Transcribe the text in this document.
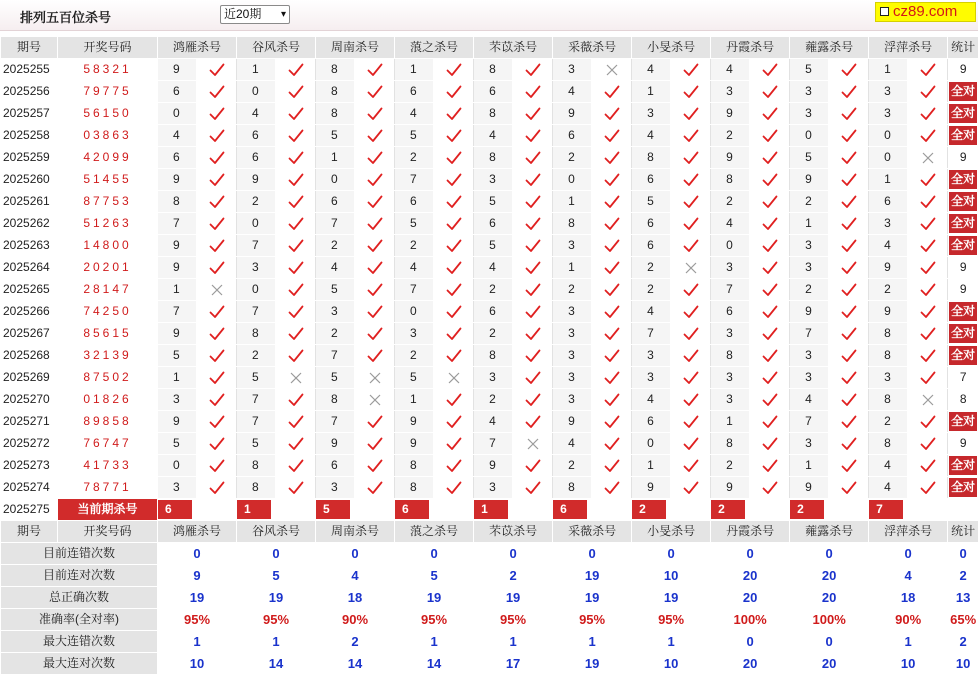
排列五百位杀号	近20期 ▾	cz89.com
期号	开奖号码	鸿雁杀号		谷风杀号		周南杀号		蒗之杀号		芣苡杀号		采薇杀号		小旻杀号		丹霞杀号		蕹露杀号		浮萍杀号		统计
2025255	58321	9		1		8		1		8		3		4		4		5		1		9
2025256	79775	6		0		8		6		6		4		1		3		3		3		全对
2025257	56150	0		4		8		4		8		9		3		9		3		3		全对
2025258	03863	4		6		5		5		4		6		4		2		0		0		全对
2025259	42099	6		6		1		2		8		2		8		9		5		0		9
2025260	51455	9		9		0		7		3		0		6		8		9		1		全对
2025261	87753	8		2		6		6		5		1		5		2		2		6		全对
2025262	51263	7		0		7		5		6		8		6		4		1		3		全对
2025263	14800	9		7		2		2		5		3		6		0		3		4		全对
2025264	20201	9		3		4		4		4		1		2		3		3		9		9
2025265	28147	1		0		5		7		2		2		2		7		2		2		9
2025266	74250	7		7		3		0		6		3		4		6		9		9		全对
2025267	85615	9		8		2		3		2		3		7		3		7		8		全对
2025268	32139	5		2		7		2		8		3		3		8		3		8		全对
2025269	87502	1		5		5		5		3		3		3		3		3		3		7
2025270	01826	3		7		8		1		2		3		4		3		4		8		8
2025271	89858	9		7		7		9		4		9		6		1		7		2		全对
2025272	76747	5		5		9		9		7		4		0		8		3		8		9
2025273	41733	0		8		6		8		9		2		1		2		1		4		全对
2025274	78771	3		8		3		8		3		8		9		9		9		4		全对
2025275	当前期杀号	6		1		5		6		1		6		2		2		2		7		
期号	开奖号码	鸿雁杀号		谷风杀号		周南杀号		蒗之杀号		芣苡杀号		采薇杀号		小旻杀号		丹霞杀号		蕹露杀号		浮萍杀号		统计
目前连错次数		0		0		0		0		0		0		0		0		0		0		0
目前连对次数		9		5		4		5		2		19		10		20		20		4		2
总正确次数		19		19		18		19		19		19		19		20		20		18		13
准确率(全对率)		95%		95%		90%		95%		95%		95%		95%		100%		100%		90%		65%
最大连错次数		1		1		2		1		1		1		1		0		0		1		2
最大连对次数		10		14		14		14		17		19		10		20		20		10		10
